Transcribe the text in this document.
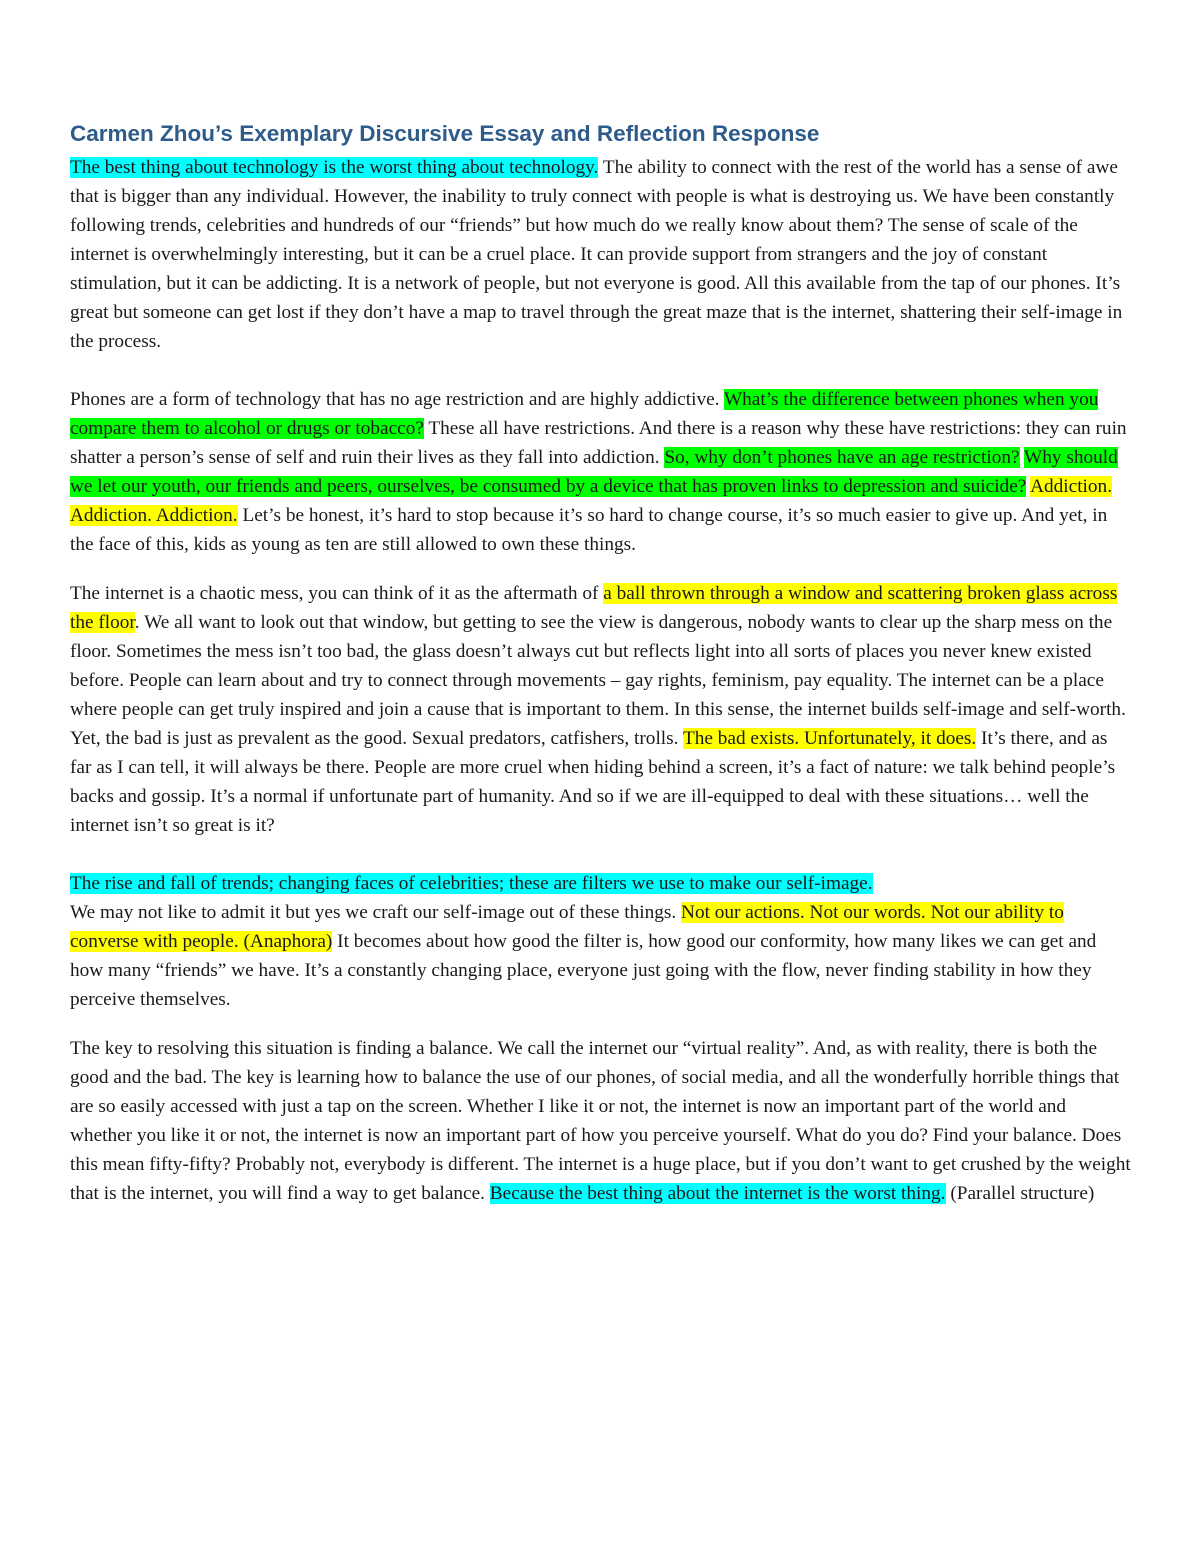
Carmen Zhou’s Exemplary Discursive Essay and Reflection Response

The best thing about technology is the worst thing about technology. The ability to connect with the rest of the world has a sense of awe that is bigger than any individual. However, the inability to truly connect with people is what is destroying us. We have been constantly following trends, celebrities and hundreds of our “friends” but how much do we really know about them? The sense of scale of the internet is overwhelmingly interesting, but it can be a cruel place. It can provide support from strangers and the joy of constant stimulation, but it can be addicting. It is a network of people, but not everyone is good. All this available from the tap of our phones. It’s great but someone can get lost if they don’t have a map to travel through the great maze that is the internet, shattering their self-image in the process.

Phones are a form of technology that has no age restriction and are highly addictive. What’s the difference between phones when you compare them to alcohol or drugs or tobacco? These all have restrictions. And there is a reason why these have restrictions: they can ruin shatter a person’s sense of self and ruin their lives as they fall into addiction. So, why don’t phones have an age restriction? Why should we let our youth, our friends and peers, ourselves, be consumed by a device that has proven links to depression and suicide? Addiction. Addiction. Addiction. Let’s be honest, it’s hard to stop because it’s so hard to change course, it’s so much easier to give up. And yet, in the face of this, kids as young as ten are still allowed to own these things.

The internet is a chaotic mess, you can think of it as the aftermath of a ball thrown through a window and scattering broken glass across the floor. We all want to look out that window, but getting to see the view is dangerous, nobody wants to clear up the sharp mess on the floor. Sometimes the mess isn’t too bad, the glass doesn’t always cut but reflects light into all sorts of places you never knew existed before. People can learn about and try to connect through movements – gay rights, feminism, pay equality. The internet can be a place where people can get truly inspired and join a cause that is important to them. In this sense, the internet builds self-image and self-worth. Yet, the bad is just as prevalent as the good. Sexual predators, catfishers, trolls. The bad exists. Unfortunately, it does. It’s there, and as far as I can tell, it will always be there. People are more cruel when hiding behind a screen, it’s a fact of nature: we talk behind people’s backs and gossip. It’s a normal if unfortunate part of humanity. And so if we are ill-equipped to deal with these situations… well the internet isn’t so great is it?

The rise and fall of trends; changing faces of celebrities; these are filters we use to make our self-image.

We may not like to admit it but yes we craft our self-image out of these things. Not our actions. Not our words. Not our ability to converse with people. (Anaphora) It becomes about how good the filter is, how good our conformity, how many likes we can get and how many “friends” we have. It’s a constantly changing place, everyone just going with the flow, never finding stability in how they perceive themselves.

The key to resolving this situation is finding a balance. We call the internet our “virtual reality”. And, as with reality, there is both the good and the bad. The key is learning how to balance the use of our phones, of social media, and all the wonderfully horrible things that are so easily accessed with just a tap on the screen. Whether I like it or not, the internet is now an important part of the world and whether you like it or not, the internet is now an important part of how you perceive yourself. What do you do? Find your balance. Does this mean fifty-fifty? Probably not, everybody is different. The internet is a huge place, but if you don’t want to get crushed by the weight that is the internet, you will find a way to get balance. Because the best thing about the internet is the worst thing. (Parallel structure)
